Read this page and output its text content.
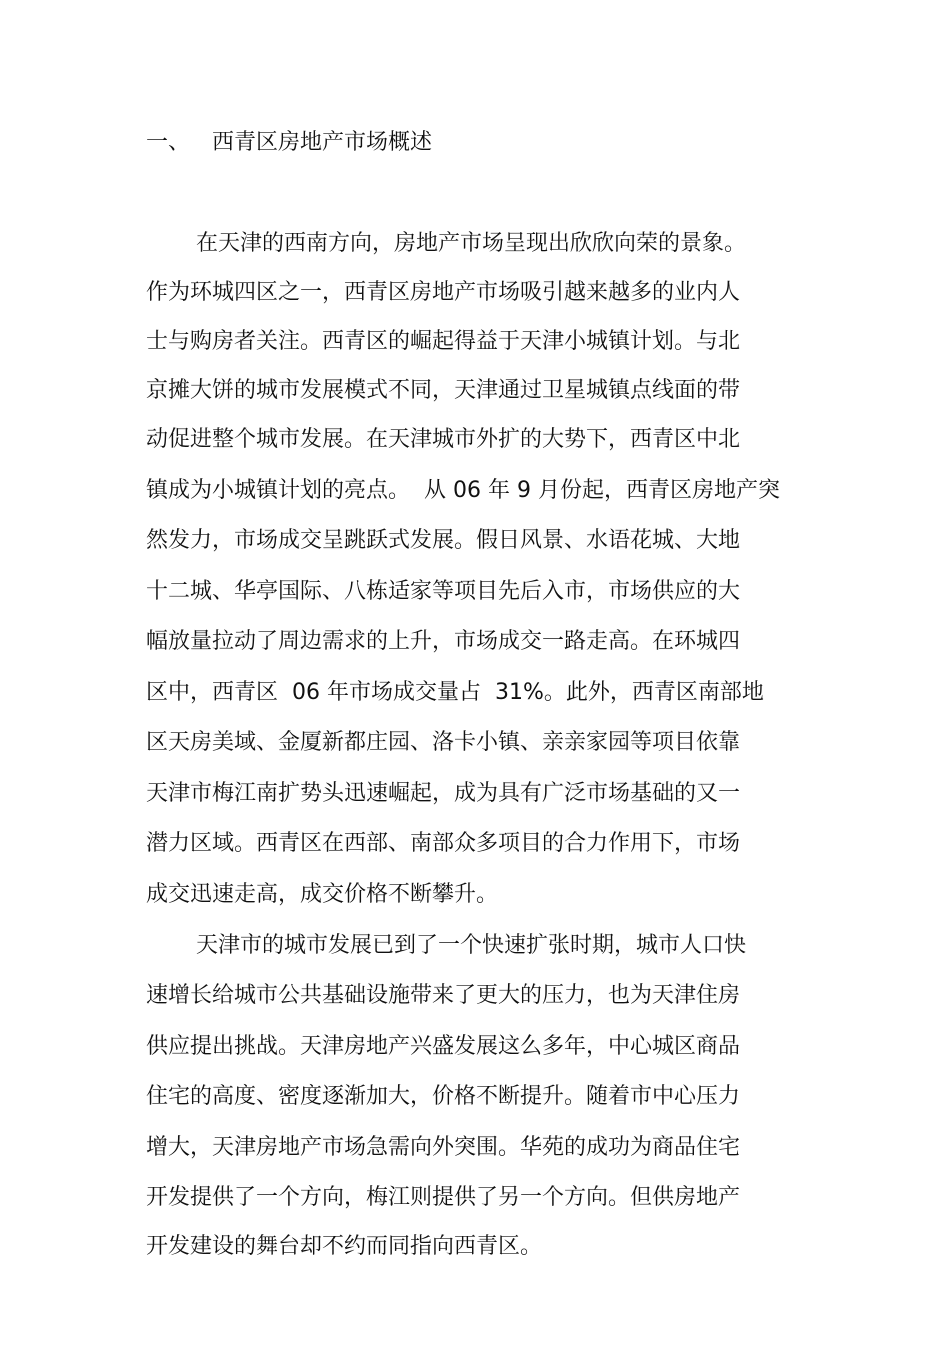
一、 西青区房地产市场概述
在天津的西南方向，房地产市场呈现出欣欣向荣的景象。
作为环城四区之一，西青区房地产市场吸引越来越多的业内人
士与购房者关注。西青区的崛起得益于天津小城镇计划。与北
京摊大饼的城市发展模式不同，天津通过卫星城镇点线面的带
动促进整个城市发展。在天津城市外扩的大势下，西青区中北
镇成为小城镇计划的亮点。  从 06 年 9 月份起，西青区房地产突
然发力，市场成交呈跳跃式发展。假日风景、水语花城、大地
十二城、华亭国际、八栋适家等项目先后入市，市场供应的大
幅放量拉动了周边需求的上升，市场成交一路走高。在环城四
区中，西青区  06 年市场成交量占  31%。此外，西青区南部地
区天房美域、金厦新都庄园、洛卡小镇、亲亲家园等项目依靠
天津市梅江南扩势头迅速崛起，成为具有广泛市场基础的又一
潜力区域。西青区在西部、南部众多项目的合力作用下，市场
成交迅速走高，成交价格不断攀升。
天津市的城市发展已到了一个快速扩张时期，城市人口快
速增长给城市公共基础设施带来了更大的压力，也为天津住房
供应提出挑战。天津房地产兴盛发展这么多年，中心城区商品
住宅的高度、密度逐渐加大，价格不断提升。随着市中心压力
增大，天津房地产市场急需向外突围。华苑的成功为商品住宅
开发提供了一个方向，梅江则提供了另一个方向。但供房地产
开发建设的舞台却不约而同指向西青区。
